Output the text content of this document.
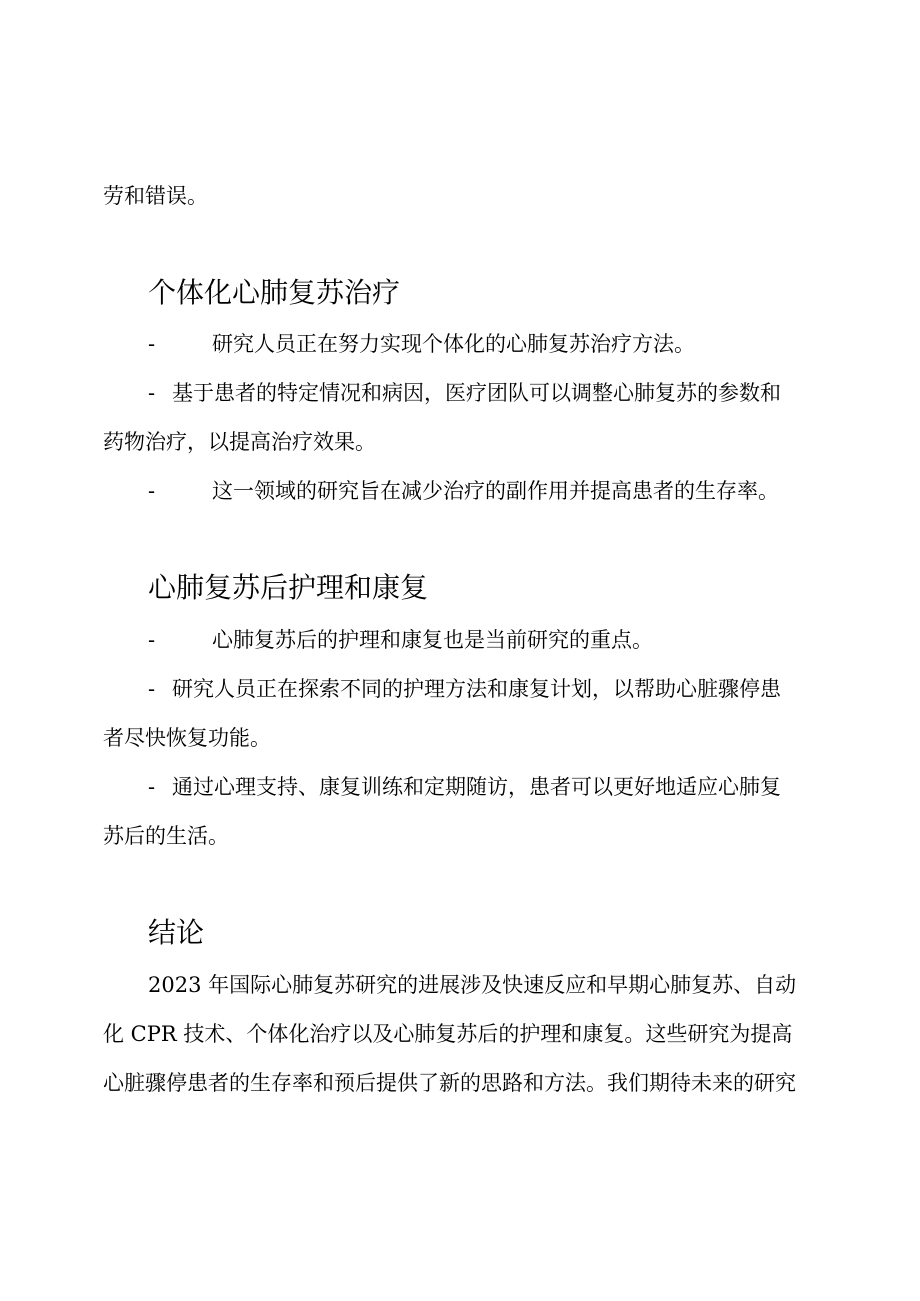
劳和错误。
个体化心肺复苏治疗
-	研究人员正在努力实现个体化的心肺复苏治疗方法。
- 基于患者的特定情况和病因，医疗团队可以调整心肺复苏的参数和
药物治疗，以提高治疗效果。
-	这一领域的研究旨在减少治疗的副作用并提高患者的生存率。
心肺复苏后护理和康复
-	心肺复苏后的护理和康复也是当前研究的重点。
- 研究人员正在探索不同的护理方法和康复计划，以帮助心脏骤停患
者尽快恢复功能。
- 通过心理支持、康复训练和定期随访，患者可以更好地适应心肺复
苏后的生活。
结论
2023 年国际心肺复苏研究的进展涉及快速反应和早期心肺复苏、自动
化 CPR 技术、个体化治疗以及心肺复苏后的护理和康复。这些研究为提高
心脏骤停患者的生存率和预后提供了新的思路和方法。我们期待未来的研究
